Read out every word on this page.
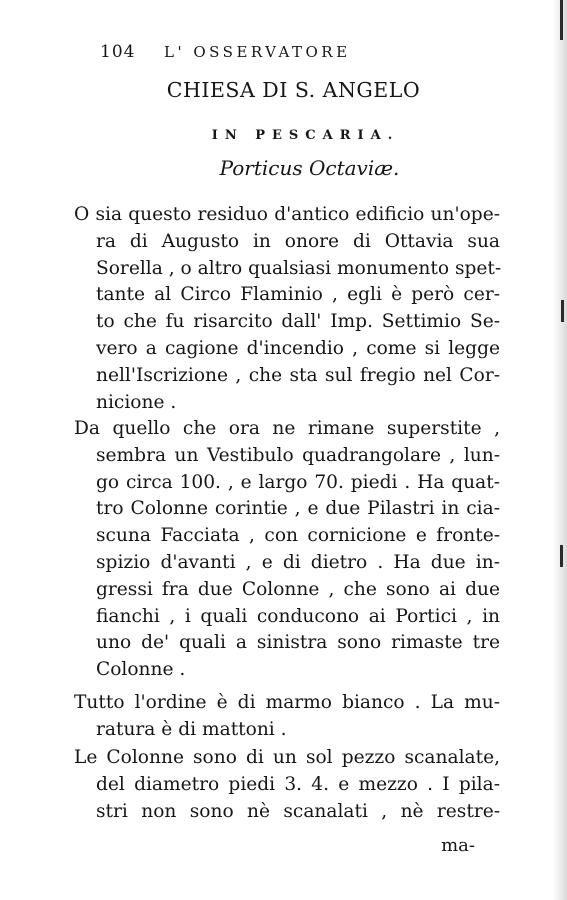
104 L' OSSERVATORE
CHIESA DI S. ANGELO
IN PESCARIA.
Porticus Octaviæ.
O sia questo residuo d'antico edificio un'ope-
ra di Augusto in onore di Ottavia sua
Sorella , o altro qualsiasi monumento spet-
tante al Circo Flaminio , egli è però cer-
to che fu risarcito dall' Imp. Settimio Se-
vero a cagione d'incendio , come si legge
nell'Iscrizione , che sta sul fregio nel Cor-
nicione .
Da quello che ora ne rimane superstite ,
sembra un Vestibulo quadrangolare , lun-
go circa 100. , e largo 70. piedi . Ha quat-
tro Colonne corintie , e due Pilastri in cia-
scuna Facciata , con cornicione e fronte-
spizio d'avanti , e di dietro . Ha due in-
gressi fra due Colonne , che sono ai due
fianchi , i quali conducono ai Portici , in
uno de' quali a sinistra sono rimaste tre
Colonne .
Tutto l'ordine è di marmo bianco . La mu-
ratura è di mattoni .
Le Colonne sono di un sol pezzo scanalate,
del diametro piedi 3. 4. e mezzo . I pila-
stri non sono nè scanalati , nè restre-
ma-
